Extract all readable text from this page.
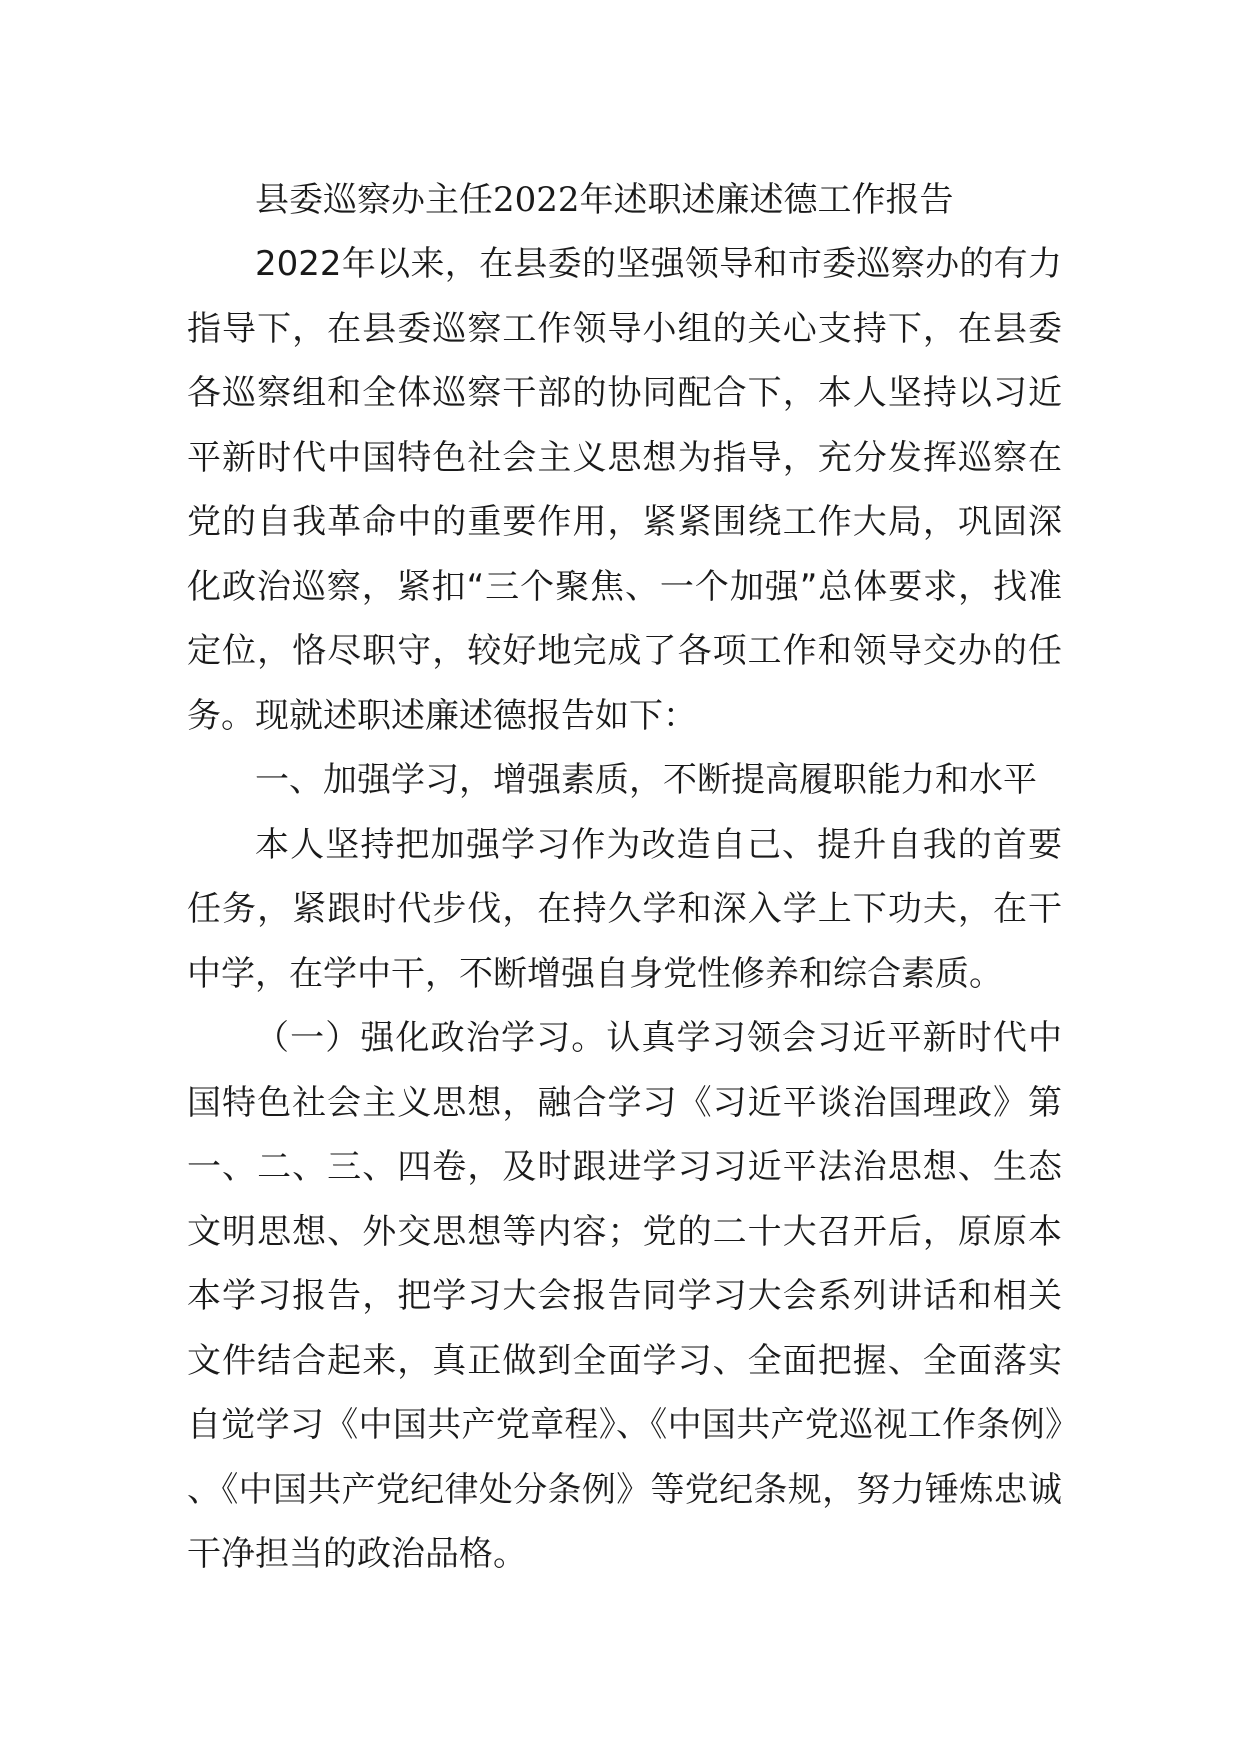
县委巡察办主任2022年述职述廉述德工作报告

2022年以来，在县委的坚强领导和市委巡察办的有力指导下，在县委巡察工作领导小组的关心支持下，在县委各巡察组和全体巡察干部的协同配合下，本人坚持以习近平新时代中国特色社会主义思想为指导，充分发挥巡察在党的自我革命中的重要作用，紧紧围绕工作大局，巩固深化政治巡察，紧扣“三个聚焦、一个加强”总体要求，找准定位，恪尽职守，较好地完成了各项工作和领导交办的任务。现就述职述廉述德报告如下：

一、加强学习，增强素质，不断提高履职能力和水平

本人坚持把加强学习作为改造自己、提升自我的首要任务，紧跟时代步伐，在持久学和深入学上下功夫，在干中学，在学中干，不断增强自身党性修养和综合素质。

（一）强化政治学习。认真学习领会习近平新时代中国特色社会主义思想，融合学习《习近平谈治国理政》第一、二、三、四卷，及时跟进学习习近平法治思想、生态文明思想、外交思想等内容；党的二十大召开后，原原本本学习报告，把学习大会报告同学习大会系列讲话和相关文件结合起来，真正做到全面学习、全面把握、全面落实自觉学习《中国共产党章程》、《中国共产党巡视工作条例》、《中国共产党纪律处分条例》等党纪条规，努力锤炼忠诚干净担当的政治品格。
